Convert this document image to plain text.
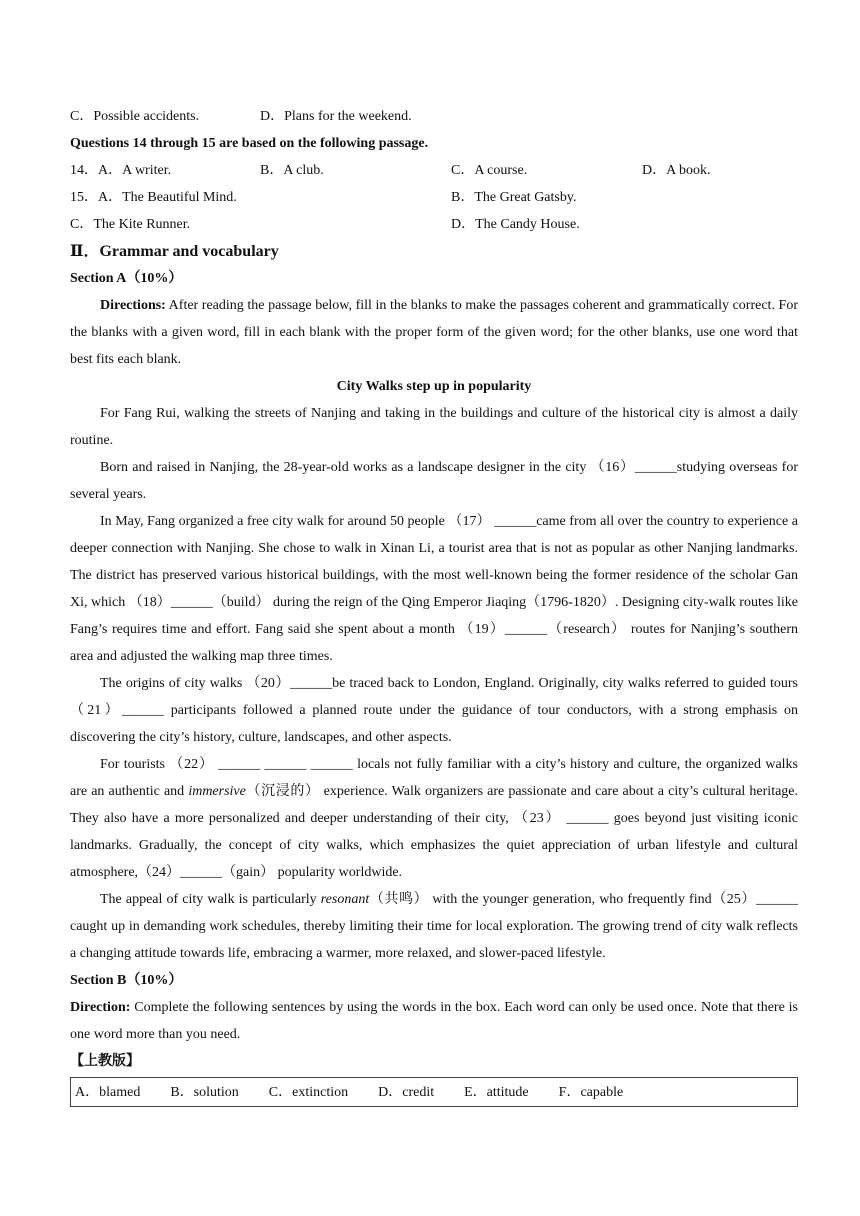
C．Possible accidents.	D．Plans for the weekend.
Questions 14 through 15 are based on the following passage.
14．A．A writer.	B．A club.	C．A course.	D．A book.
15．A．The Beautiful Mind.	B．The Great Gatsby.
C．The Kite Runner.	D．The Candy House.
Ⅱ．Grammar and vocabulary
Section A（10%）

Directions: After reading the passage below, fill in the blanks to make the passages coherent and grammatically correct. For the blanks with a given word, fill in each blank with the proper form of the given word; for the other blanks, use one word that best fits each blank.

City Walks step up in popularity

For Fang Rui, walking the streets of Nanjing and taking in the buildings and culture of the historical city is almost a daily routine.

Born and raised in Nanjing, the 28-year-old works as a landscape designer in the city （16）______studying overseas for several years.

In May, Fang organized a free city walk for around 50 people （17） ______came from all over the country to experience a deeper connection with Nanjing. She chose to walk in Xinan Li, a tourist area that is not as popular as other Nanjing landmarks. The district has preserved various historical buildings, with the most well-known being the former residence of the scholar Gan Xi, which （18）______（build） during the reign of the Qing Emperor Jiaqing（1796-1820）. Designing city-walk routes like Fang’s requires time and effort. Fang said she spent about a month （19）______（research） routes for Nanjing’s southern area and adjusted the walking map three times.

The origins of city walks （20）______be traced back to London, England. Originally, city walks referred to guided tours（21）______ participants followed a planned route under the guidance of tour conductors, with a strong emphasis on discovering the city’s history, culture, landscapes, and other aspects.

For tourists （22） ______ ______ ______ locals not fully familiar with a city’s history and culture, the organized walks are an authentic and immersive（沉浸的） experience. Walk organizers are passionate and care about a city’s cultural heritage. They also have a more personalized and deeper understanding of their city, （23） ______ goes beyond just visiting iconic landmarks. Gradually, the concept of city walks, which emphasizes the quiet appreciation of urban lifestyle and cultural atmosphere,（24）______（gain） popularity worldwide.

The appeal of city walk is particularly resonant（共鸣） with the younger generation, who frequently find（25）______ caught up in demanding work schedules, thereby limiting their time for local exploration. The growing trend of city walk reflects a changing attitude towards life, embracing a warmer, more relaxed, and slower-paced lifestyle.

Section B（10%）

Direction: Complete the following sentences by using the words in the box. Each word can only be used once. Note that there is one word more than you need.

【上教版】
A．blamed B．solution C．extinction D．credit E．attitude F．capable
